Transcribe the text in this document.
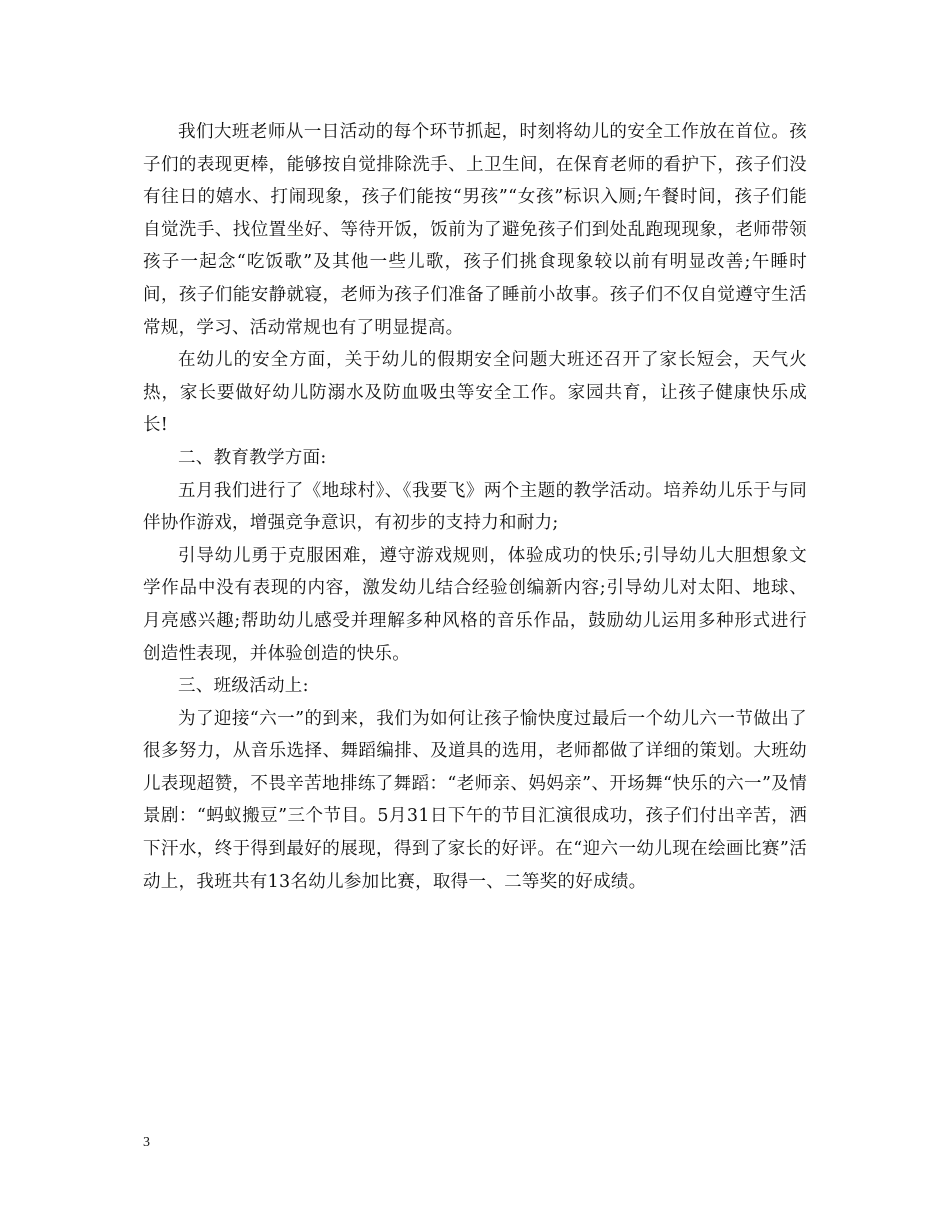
我们大班老师从一日活动的每个环节抓起，时刻将幼儿的安全工作放在首位。孩子们的表现更棒，能够按自觉排除洗手、上卫生间，在保育老师的看护下，孩子们没有往日的嬉水、打闹现象，孩子们能按“男孩”“女孩”标识入厕;午餐时间，孩子们能自觉洗手、找位置坐好、等待开饭，饭前为了避免孩子们到处乱跑现现象，老师带领孩子一起念“吃饭歌”及其他一些儿歌，孩子们挑食现象较以前有明显改善;午睡时间，孩子们能安静就寝，老师为孩子们准备了睡前小故事。孩子们不仅自觉遵守生活常规，学习、活动常规也有了明显提高。

在幼儿的安全方面，关于幼儿的假期安全问题大班还召开了家长短会，天气火热，家长要做好幼儿防溺水及防血吸虫等安全工作。家园共育，让孩子健康快乐成长!

二、教育教学方面:

五月我们进行了《地球村》、《我要飞》两个主题的教学活动。培养幼儿乐于与同伴协作游戏，增强竞争意识，有初步的支持力和耐力;

引导幼儿勇于克服困难，遵守游戏规则，体验成功的快乐;引导幼儿大胆想象文学作品中没有表现的内容，激发幼儿结合经验创编新内容;引导幼儿对太阳、地球、月亮感兴趣;帮助幼儿感受并理解多种风格的音乐作品，鼓励幼儿运用多种形式进行创造性表现，并体验创造的快乐。

三、班级活动上:

为了迎接“六一”的到来，我们为如何让孩子愉快度过最后一个幼儿六一节做出了很多努力，从音乐选择、舞蹈编排、及道具的选用，老师都做了详细的策划。大班幼儿表现超赞，不畏辛苦地排练了舞蹈：“老师亲、妈妈亲”、开场舞“快乐的六一”及情景剧：“蚂蚁搬豆”三个节目。5月31日下午的节目汇演很成功，孩子们付出辛苦，洒下汗水，终于得到最好的展现，得到了家长的好评。在“迎六一幼儿现在绘画比赛”活动上，我班共有13名幼儿参加比赛，取得一、二等奖的好成绩。

3
